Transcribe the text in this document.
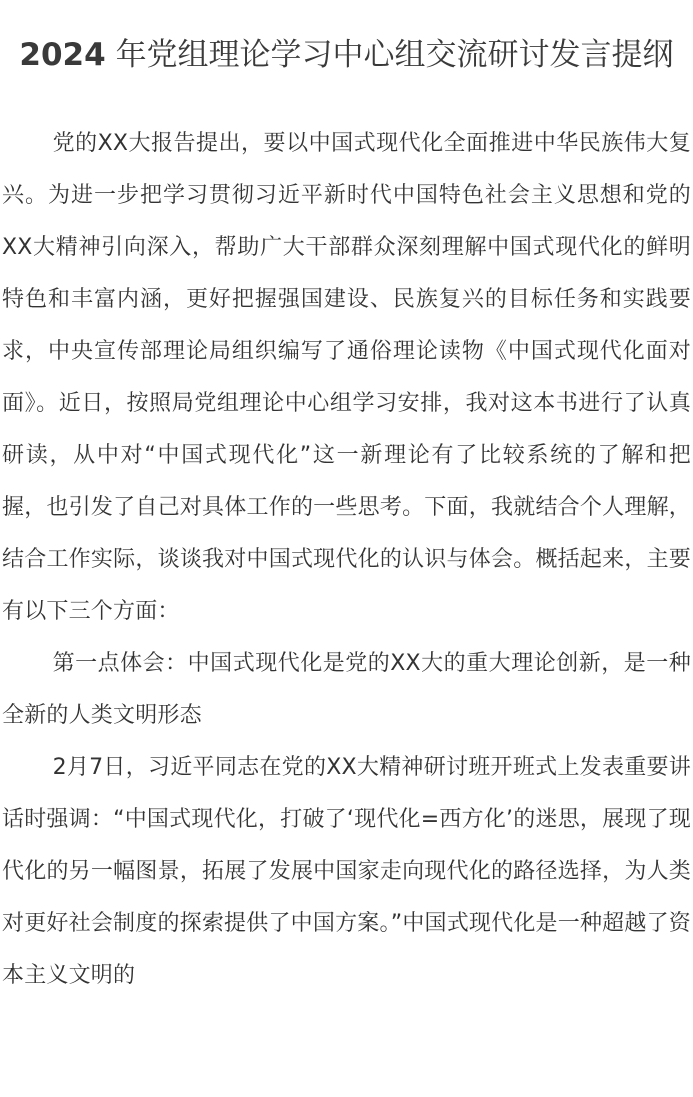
2024 年党组理论学习中心组交流研讨发言提纲

党的XX大报告提出，要以中国式现代化全面推进中华民族伟大复兴。为进一步把学习贯彻习近平新时代中国特色社会主义思想和党的XX大精神引向深入，帮助广大干部群众深刻理解中国式现代化的鲜明特色和丰富内涵，更好把握强国建设、民族复兴的目标任务和实践要求，中央宣传部理论局组织编写了通俗理论读物《中国式现代化面对面》。近日，按照局党组理论中心组学习安排，我对这本书进行了认真研读，从中对“中国式现代化”这一新理论有了比较系统的了解和把握，也引发了自己对具体工作的一些思考。下面，我就结合个人理解，结合工作实际，谈谈我对中国式现代化的认识与体会。概括起来，主要有以下三个方面：

第一点体会：中国式现代化是党的XX大的重大理论创新，是一种全新的人类文明形态

2月7日，习近平同志在党的XX大精神研讨班开班式上发表重要讲话时强调：“中国式现代化，打破了‘现代化=西方化’的迷思，展现了现代化的另一幅图景，拓展了发展中国家走向现代化的路径选择，为人类对更好社会制度的探索提供了中国方案。”中国式现代化是一种超越了资本主义文明的
